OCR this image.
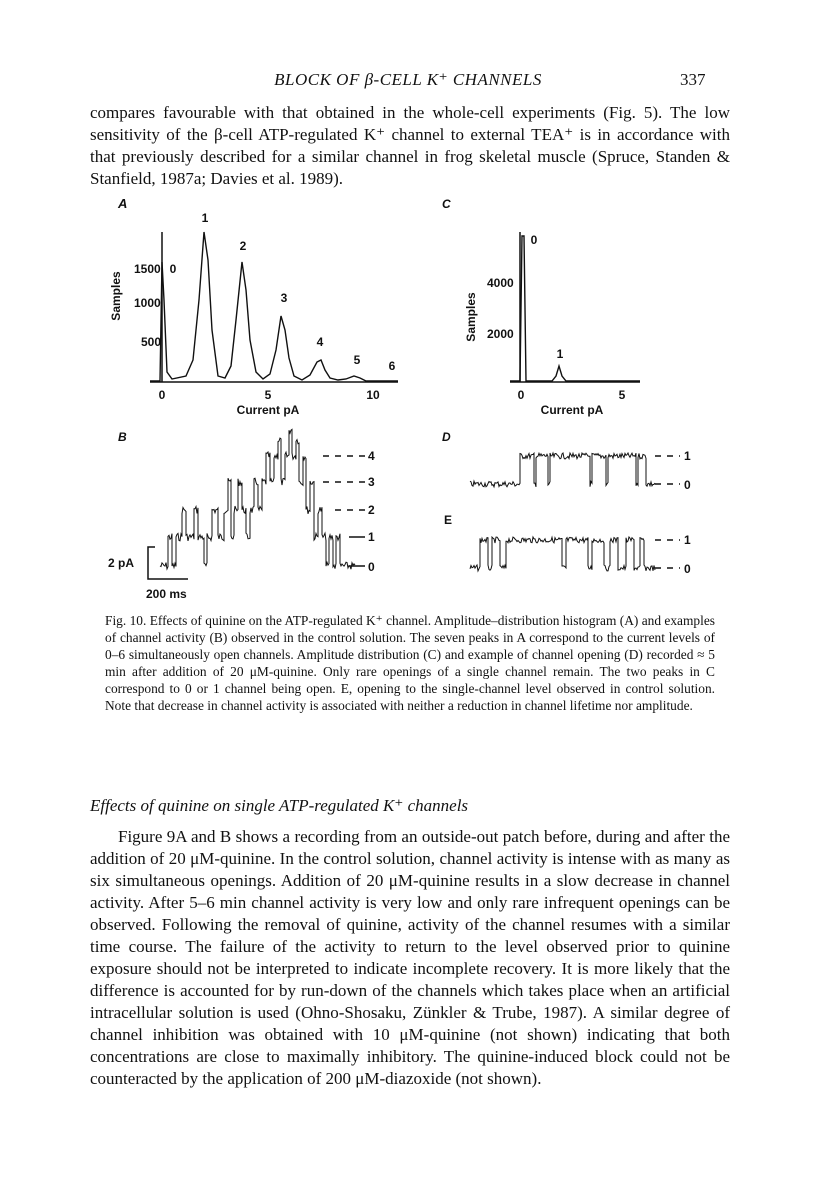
BLOCK OF β-CELL K⁺ CHANNELS	337

compares favourable with that obtained in the whole-cell experiments (Fig. 5). The low sensitivity of the β-cell ATP-regulated K⁺ channel to external TEA⁺ is in accordance with that previously described for a similar channel in frog skeletal muscle (Spruce, Standen & Stanfield, 1987a; Davies et al. 1989).

A	C
B	D
E
1500
1000
500
Samples
0	5	10
Current pA
0
1
2
3
4
5 6
4000
2000
Samples
0	5
Current pA
0
1
4
3
2
1
0
2 pA
200 ms
1
0
1
0
Fig. 10. Effects of quinine on the ATP-regulated K⁺ channel. Amplitude–distribution histogram (A) and examples of channel activity (B) observed in the control solution. The seven peaks in A correspond to the current levels of 0–6 simultaneously open channels. Amplitude distribution (C) and example of channel opening (D) recorded ≈ 5 min after addition of 20 μM-quinine. Only rare openings of a single channel remain. The two peaks in C correspond to 0 or 1 channel being open. E, opening to the single-channel level observed in control solution. Note that decrease in channel activity is associated with neither a reduction in channel lifetime nor amplitude.
Effects of quinine on single ATP-regulated K⁺ channels

Figure 9A and B shows a recording from an outside-out patch before, during and after the addition of 20 μM-quinine. In the control solution, channel activity is intense with as many as six simultaneous openings. Addition of 20 μM-quinine results in a slow decrease in channel activity. After 5–6 min channel activity is very low and only rare infrequent openings can be observed. Following the removal of quinine, activity of the channel resumes with a similar time course. The failure of the activity to return to the level observed prior to quinine exposure should not be interpreted to indicate incomplete recovery. It is more likely that the difference is accounted for by run-down of the channels which takes place when an artificial intracellular solution is used (Ohno-Shosaku, Zünkler & Trube, 1987). A similar degree of channel inhibition was obtained with 10 μM-quinine (not shown) indicating that both concentrations are close to maximally inhibitory. The quinine-induced block could not be counteracted by the application of 200 μM-diazoxide (not shown).
